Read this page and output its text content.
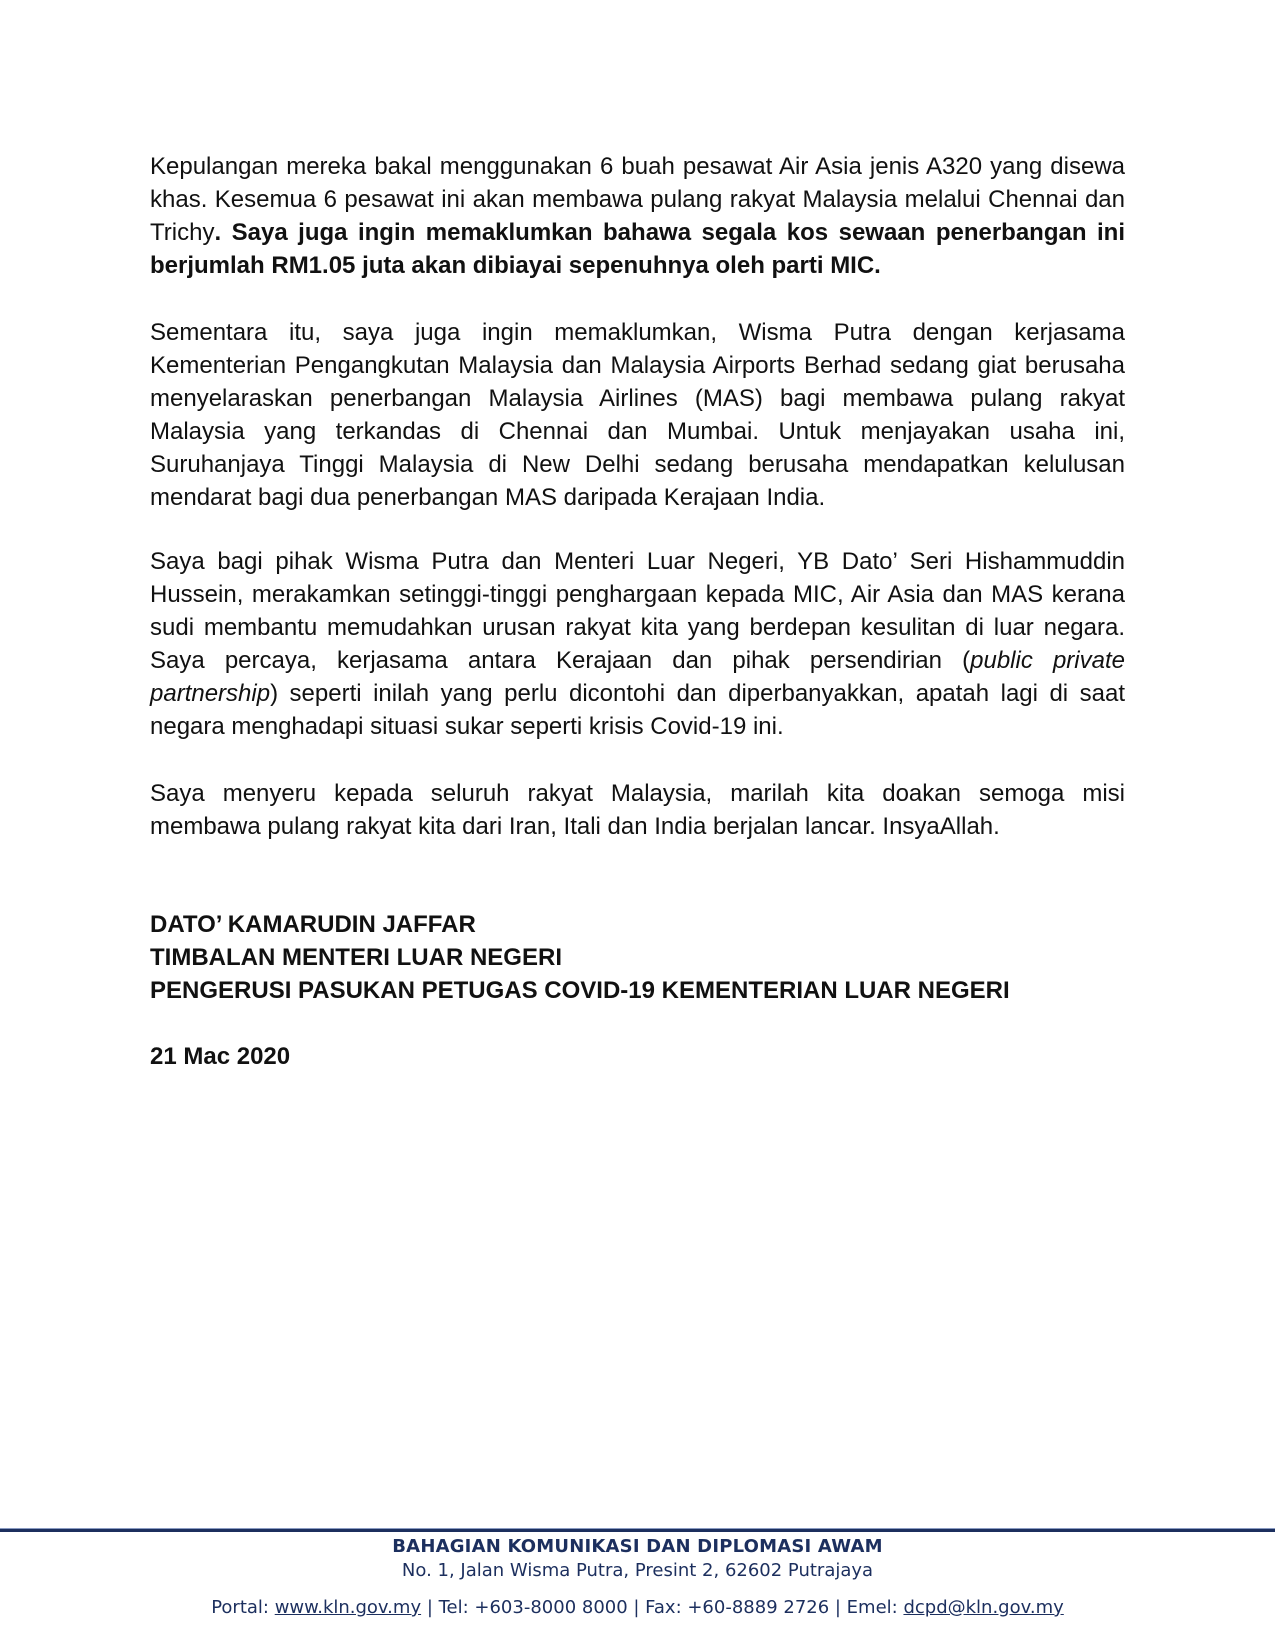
Kepulangan mereka bakal menggunakan 6 buah pesawat Air Asia jenis A320 yang disewa khas. Kesemua 6 pesawat ini akan membawa pulang rakyat Malaysia melalui Chennai dan Trichy. Saya juga ingin memaklumkan bahawa segala kos sewaan penerbangan ini berjumlah RM1.05 juta akan dibiayai sepenuhnya oleh parti MIC.

Sementara itu, saya juga ingin memaklumkan, Wisma Putra dengan kerjasama Kementerian Pengangkutan Malaysia dan Malaysia Airports Berhad sedang giat berusaha menyelaraskan penerbangan Malaysia Airlines (MAS) bagi membawa pulang rakyat Malaysia yang terkandas di Chennai dan Mumbai. Untuk menjayakan usaha ini, Suruhanjaya Tinggi Malaysia di New Delhi sedang berusaha mendapatkan kelulusan mendarat bagi dua penerbangan MAS daripada Kerajaan India.

Saya bagi pihak Wisma Putra dan Menteri Luar Negeri, YB Dato’ Seri Hishammuddin Hussein, merakamkan setinggi-tinggi penghargaan kepada MIC, Air Asia dan MAS kerana sudi membantu memudahkan urusan rakyat kita yang berdepan kesulitan di luar negara. Saya percaya, kerjasama antara Kerajaan dan pihak persendirian (public private partnership) seperti inilah yang perlu dicontohi dan diperbanyakkan, apatah lagi di saat negara menghadapi situasi sukar seperti krisis Covid-19 ini.

Saya menyeru kepada seluruh rakyat Malaysia, marilah kita doakan semoga misi membawa pulang rakyat kita dari Iran, Itali dan India berjalan lancar. InsyaAllah.

DATO’ KAMARUDIN JAFFAR
TIMBALAN MENTERI LUAR NEGERI
PENGERUSI PASUKAN PETUGAS COVID-19 KEMENTERIAN LUAR NEGERI
21 Mac 2020
BAHAGIAN KOMUNIKASI DAN DIPLOMASI AWAM
No. 1, Jalan Wisma Putra, Presint 2, 62602 Putrajaya
Portal: www.kln.gov.my | Tel: +603-8000 8000 | Fax: +60-8889 2726 | Emel: dcpd@kln.gov.my
